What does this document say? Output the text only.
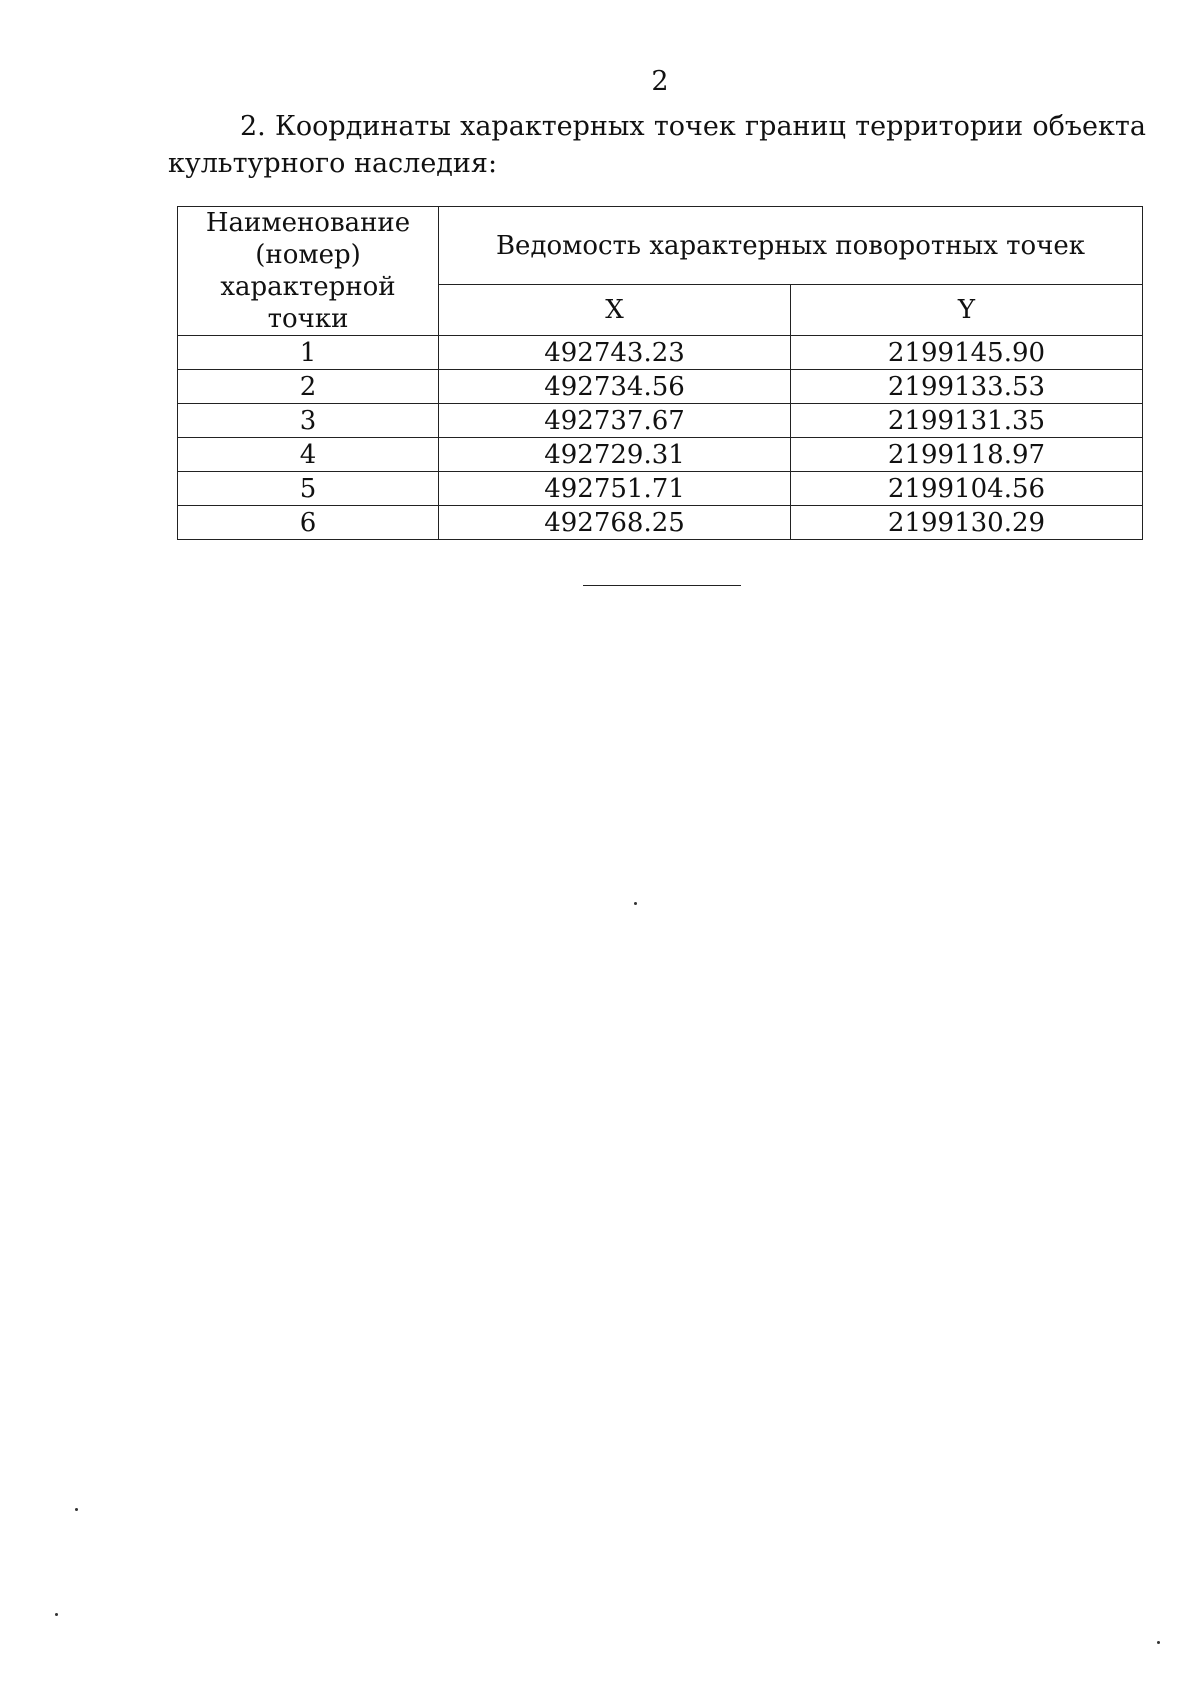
2
2. Координаты характерных точек границ территории объекта
культурного наследия:
Наименование (номер) характерной точки	Ведомость характерных поворотных точек	
	X	Y
1	492743.23	2199145.90
2	492734.56	2199133.53
3	492737.67	2199131.35
4	492729.31	2199118.97
5	492751.71	2199104.56
6	492768.25	2199130.29
